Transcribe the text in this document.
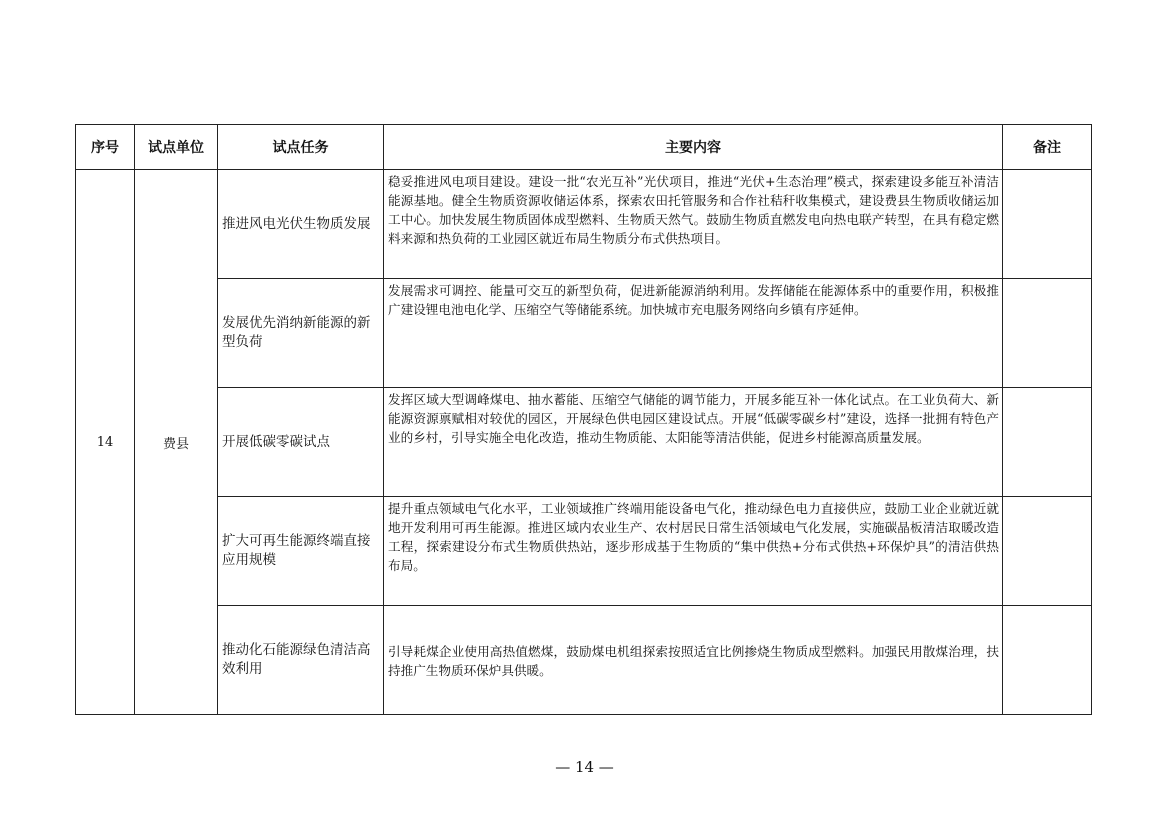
序号	试点单位	试点任务	主要内容	备注
14	费县	推进风电光伏生物质发展	稳妥推进风电项目建设。建设一批“农光互补”光伏项目，推进“光伏+生态治理”模式，探索建设多能互补清洁能源基地。健全生物质资源收储运体系，探索农田托管服务和合作社秸秆收集模式，建设费县生物质收储运加工中心。加快发展生物质固体成型燃料、生物质天然气。鼓励生物质直燃发电向热电联产转型，在具有稳定燃料来源和热负荷的工业园区就近布局生物质分布式供热项目。	
		发展优先消纳新能源的新型负荷	发展需求可调控、能量可交互的新型负荷，促进新能源消纳利用。发挥储能在能源体系中的重要作用，积极推广建设锂电池电化学、压缩空气等储能系统。加快城市充电服务网络向乡镇有序延伸。	
		开展低碳零碳试点	发挥区域大型调峰煤电、抽水蓄能、压缩空气储能的调节能力，开展多能互补一体化试点。在工业负荷大、新能源资源禀赋相对较优的园区，开展绿色供电园区建设试点。开展“低碳零碳乡村”建设，选择一批拥有特色产业的乡村，引导实施全电化改造，推动生物质能、太阳能等清洁供能，促进乡村能源高质量发展。	
		扩大可再生能源终端直接应用规模	提升重点领域电气化水平，工业领域推广终端用能设备电气化，推动绿色电力直接供应，鼓励工业企业就近就地开发利用可再生能源。推进区域内农业生产、农村居民日常生活领域电气化发展，实施碳晶板清洁取暖改造工程，探索建设分布式生物质供热站，逐步形成基于生物质的“集中供热+分布式供热+环保炉具”的清洁供热布局。	
		推动化石能源绿色清洁高效利用	引导耗煤企业使用高热值燃煤，鼓励煤电机组探索按照适宜比例掺烧生物质成型燃料。加强民用散煤治理，扶持推广生物质环保炉具供暖。	
— 14 —
